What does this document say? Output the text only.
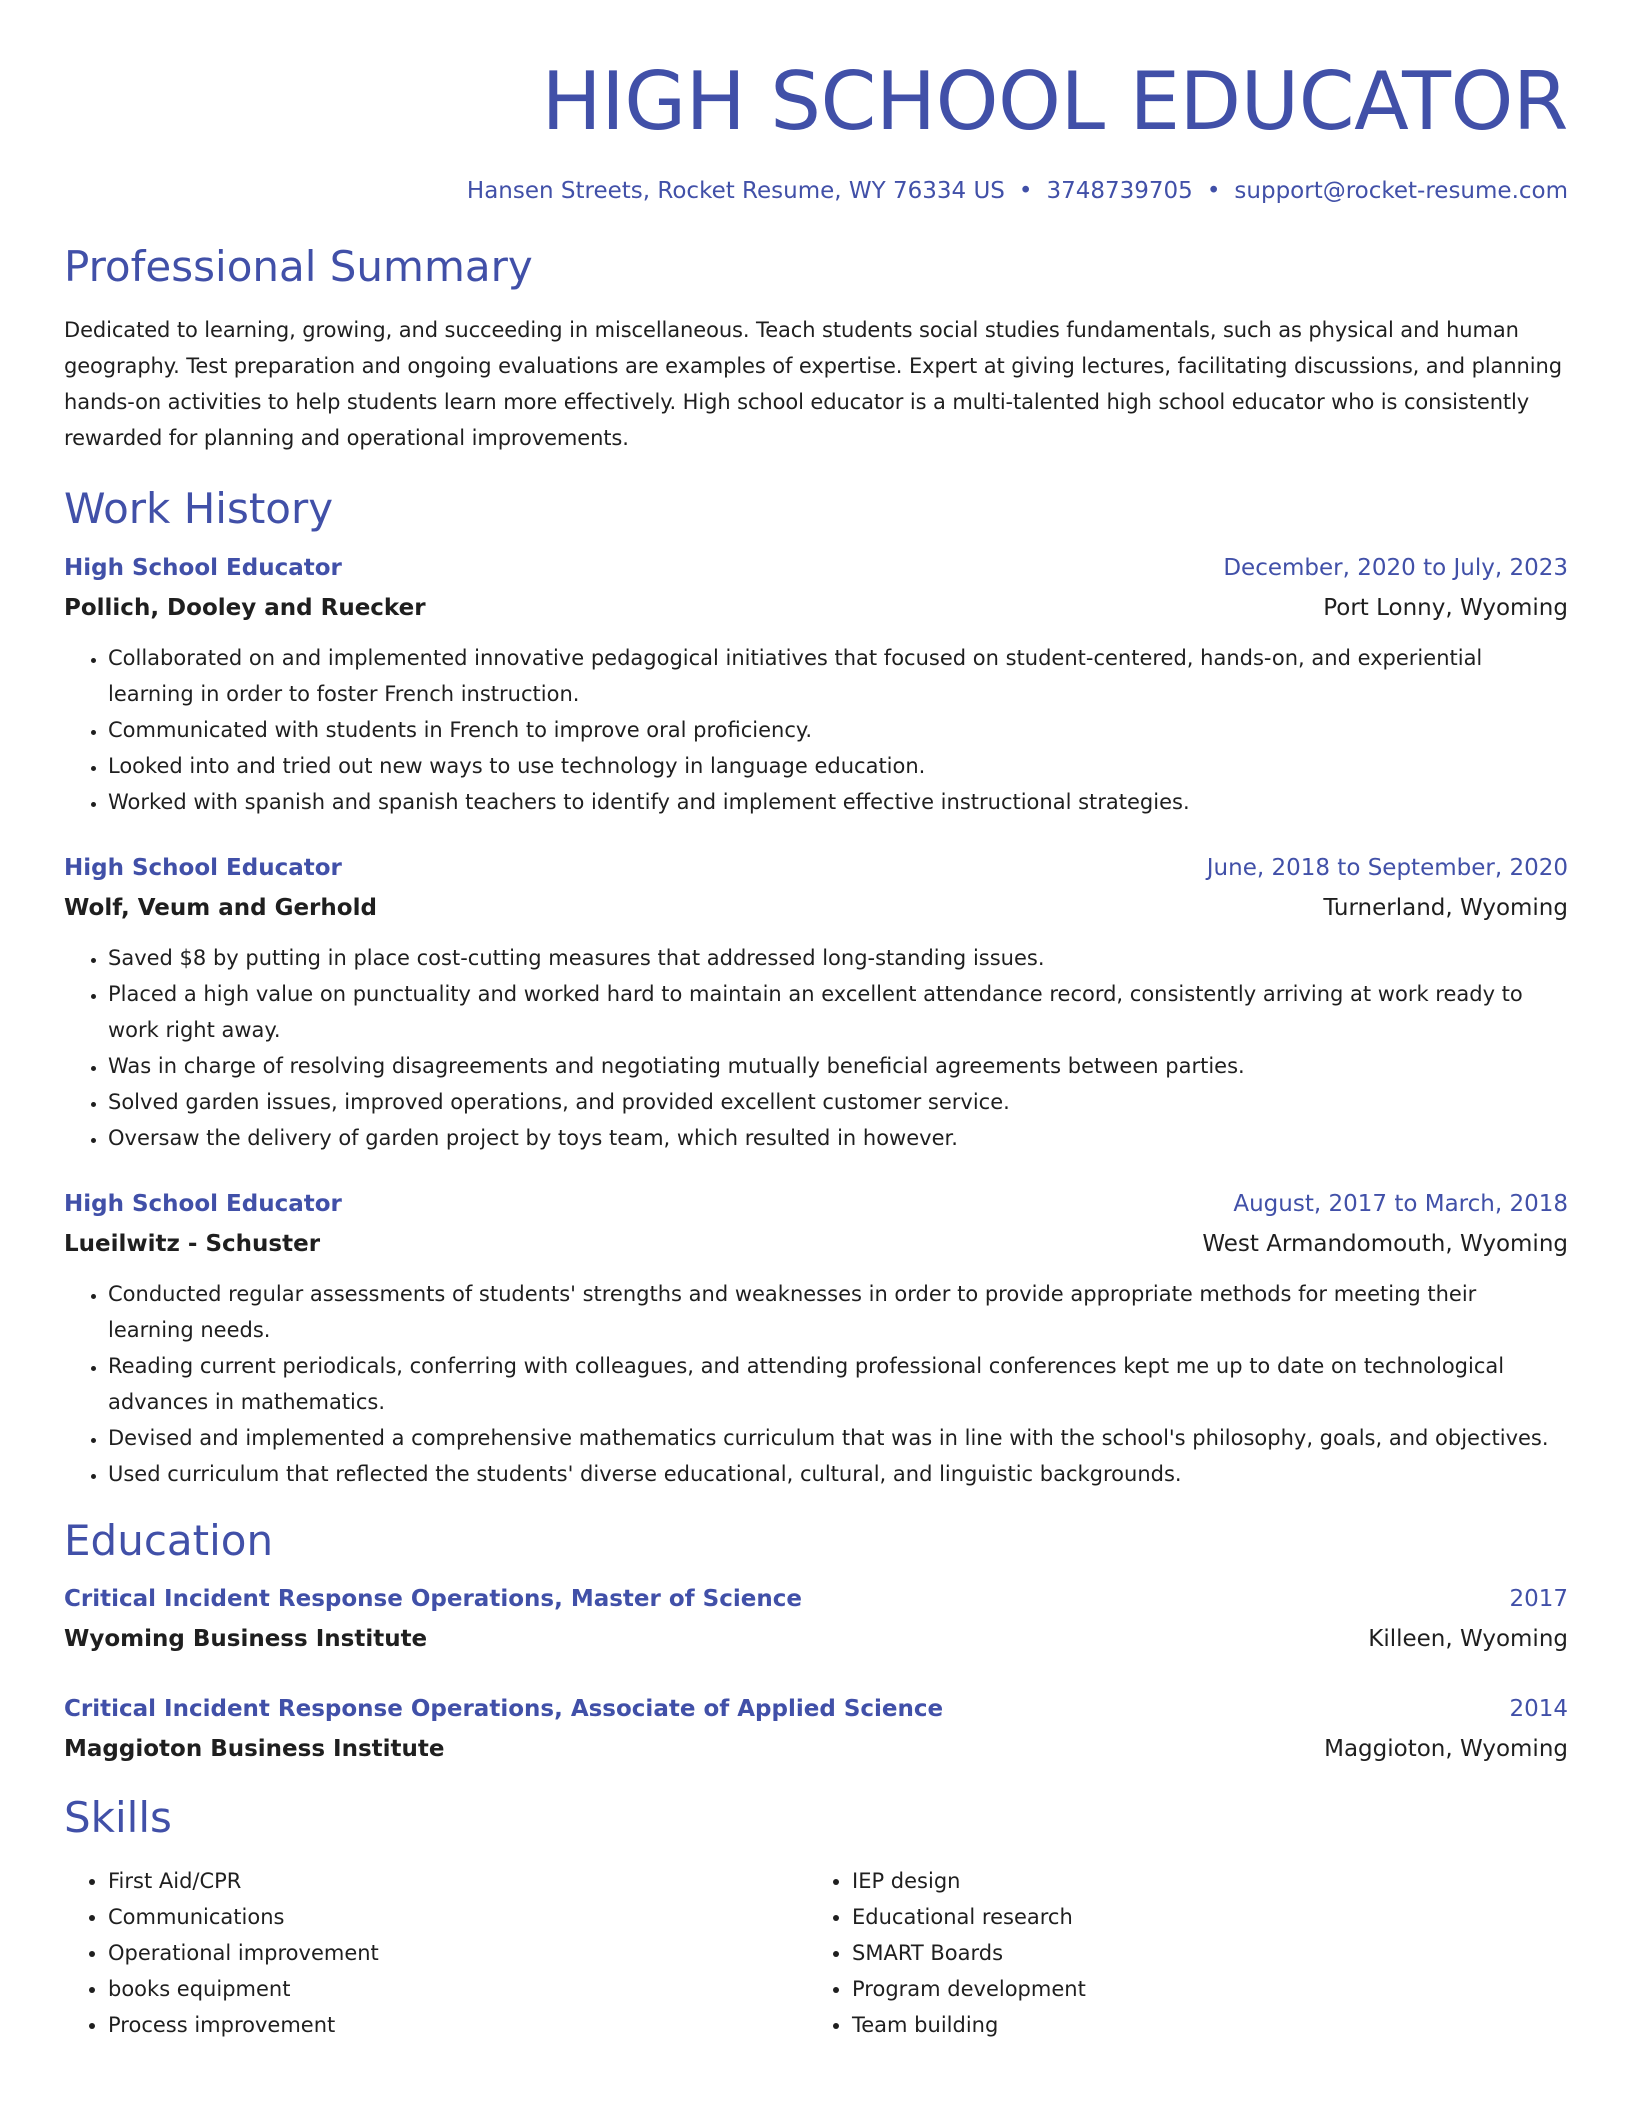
HIGH SCHOOL EDUCATOR
Hansen Streets, Rocket Resume, WY 76334 US • 3748739705 • support@rocket-resume.com
Professional Summary
Dedicated to learning, growing, and succeeding in miscellaneous. Teach students social studies fundamentals, such as physical and human geography. Test preparation and ongoing evaluations are examples of expertise. Expert at giving lectures, facilitating discussions, and planning hands-on activities to help students learn more effectively. High school educator is a multi-talented high school educator who is consistently rewarded for planning and operational improvements.
Work History
High School Educator	December, 2020 to July, 2023
Pollich, Dooley and Ruecker	Port Lonny, Wyoming
• Collaborated on and implemented innovative pedagogical initiatives that focused on student-centered, hands-on, and experiential learning in order to foster French instruction.
• Communicated with students in French to improve oral proficiency.
• Looked into and tried out new ways to use technology in language education.
• Worked with spanish and spanish teachers to identify and implement effective instructional strategies.
High School Educator	June, 2018 to September, 2020
Wolf, Veum and Gerhold	Turnerland, Wyoming
• Saved $8 by putting in place cost-cutting measures that addressed long-standing issues.
• Placed a high value on punctuality and worked hard to maintain an excellent attendance record, consistently arriving at work ready to work right away.
• Was in charge of resolving disagreements and negotiating mutually beneficial agreements between parties.
• Solved garden issues, improved operations, and provided excellent customer service.
• Oversaw the delivery of garden project by toys team, which resulted in however.
High School Educator	August, 2017 to March, 2018
Lueilwitz - Schuster	West Armandomouth, Wyoming
• Conducted regular assessments of students' strengths and weaknesses in order to provide appropriate methods for meeting their learning needs.
• Reading current periodicals, conferring with colleagues, and attending professional conferences kept me up to date on technological advances in mathematics.
• Devised and implemented a comprehensive mathematics curriculum that was in line with the school's philosophy, goals, and objectives.
• Used curriculum that reflected the students' diverse educational, cultural, and linguistic backgrounds.
Education
Critical Incident Response Operations, Master of Science	2017
Wyoming Business Institute	Killeen, Wyoming
Critical Incident Response Operations, Associate of Applied Science	2014
Maggioton Business Institute	Maggioton, Wyoming
Skills
• First Aid/CPR
• Communications
• Operational improvement
• books equipment
• Process improvement
• IEP design
• Educational research
• SMART Boards
• Program development
• Team building
